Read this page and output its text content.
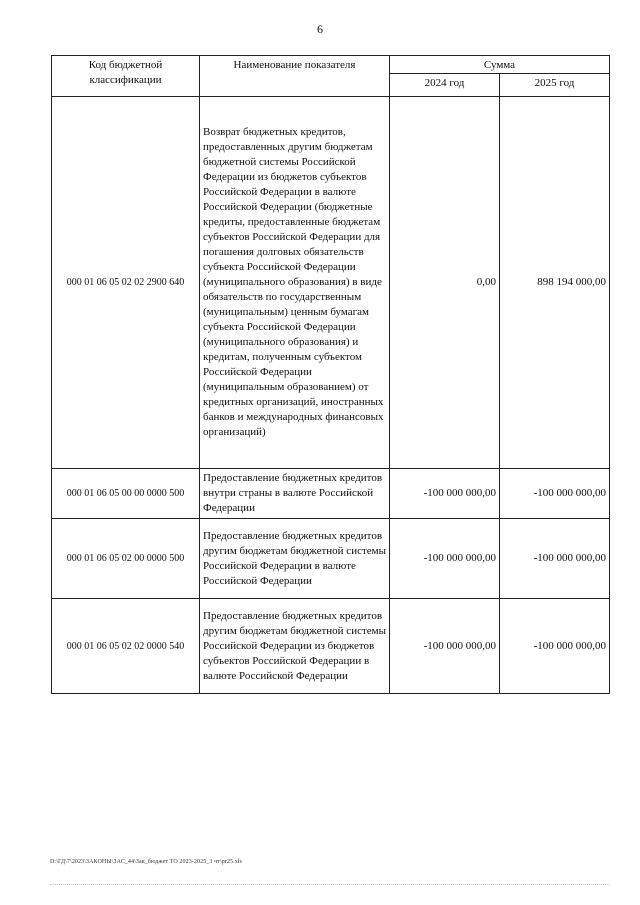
6
Код бюджетной классификации	Наименование показателя	Сумма	
		2024 год	2025 год
000 01 06 05 02 02 2900 640	Возврат бюджетных кредитов, предоставленных другим бюджетам бюджетной системы Российской Федерации из бюджетов субъектов Российской Федерации в валюте Российской Федерации (бюджетные кредиты, предоставленные бюджетам субъектов Российской Федерации для погашения долговых обязательств субъекта Российской Федерации (муниципального образования) в виде обязательств по государственным (муниципальным) ценным бумагам субъекта Российской Федерации (муниципального образования) и кредитам, полученным субъектом Российской Федерации (муниципальным образованием) от кредитных организаций, иностранных банков и международных финансовых организаций)	0,00	898 194 000,00
000 01 06 05 00 00 0000 500	Предоставление бюджетных кредитов внутри страны в валюте Российской Федерации	-100 000 000,00	-100 000 000,00
000 01 06 05 02 00 0000 500	Предоставление бюджетных кредитов другим бюджетам бюджетной системы Российской Федерации в валюте Российской Федерации	-100 000 000,00	-100 000 000,00
000 01 06 05 02 02 0000 540	Предоставление бюджетных кредитов другим бюджетам бюджетной системы Российской Федерации из бюджетов субъектов Российской Федерации в валюте Российской Федерации	-100 000 000,00	-100 000 000,00
D:\ГД\7\2023\ЗАКОНЫ\ЗАС_44\Зак_бюджет ТО 2023-2025_3 чт\pr25.xls
